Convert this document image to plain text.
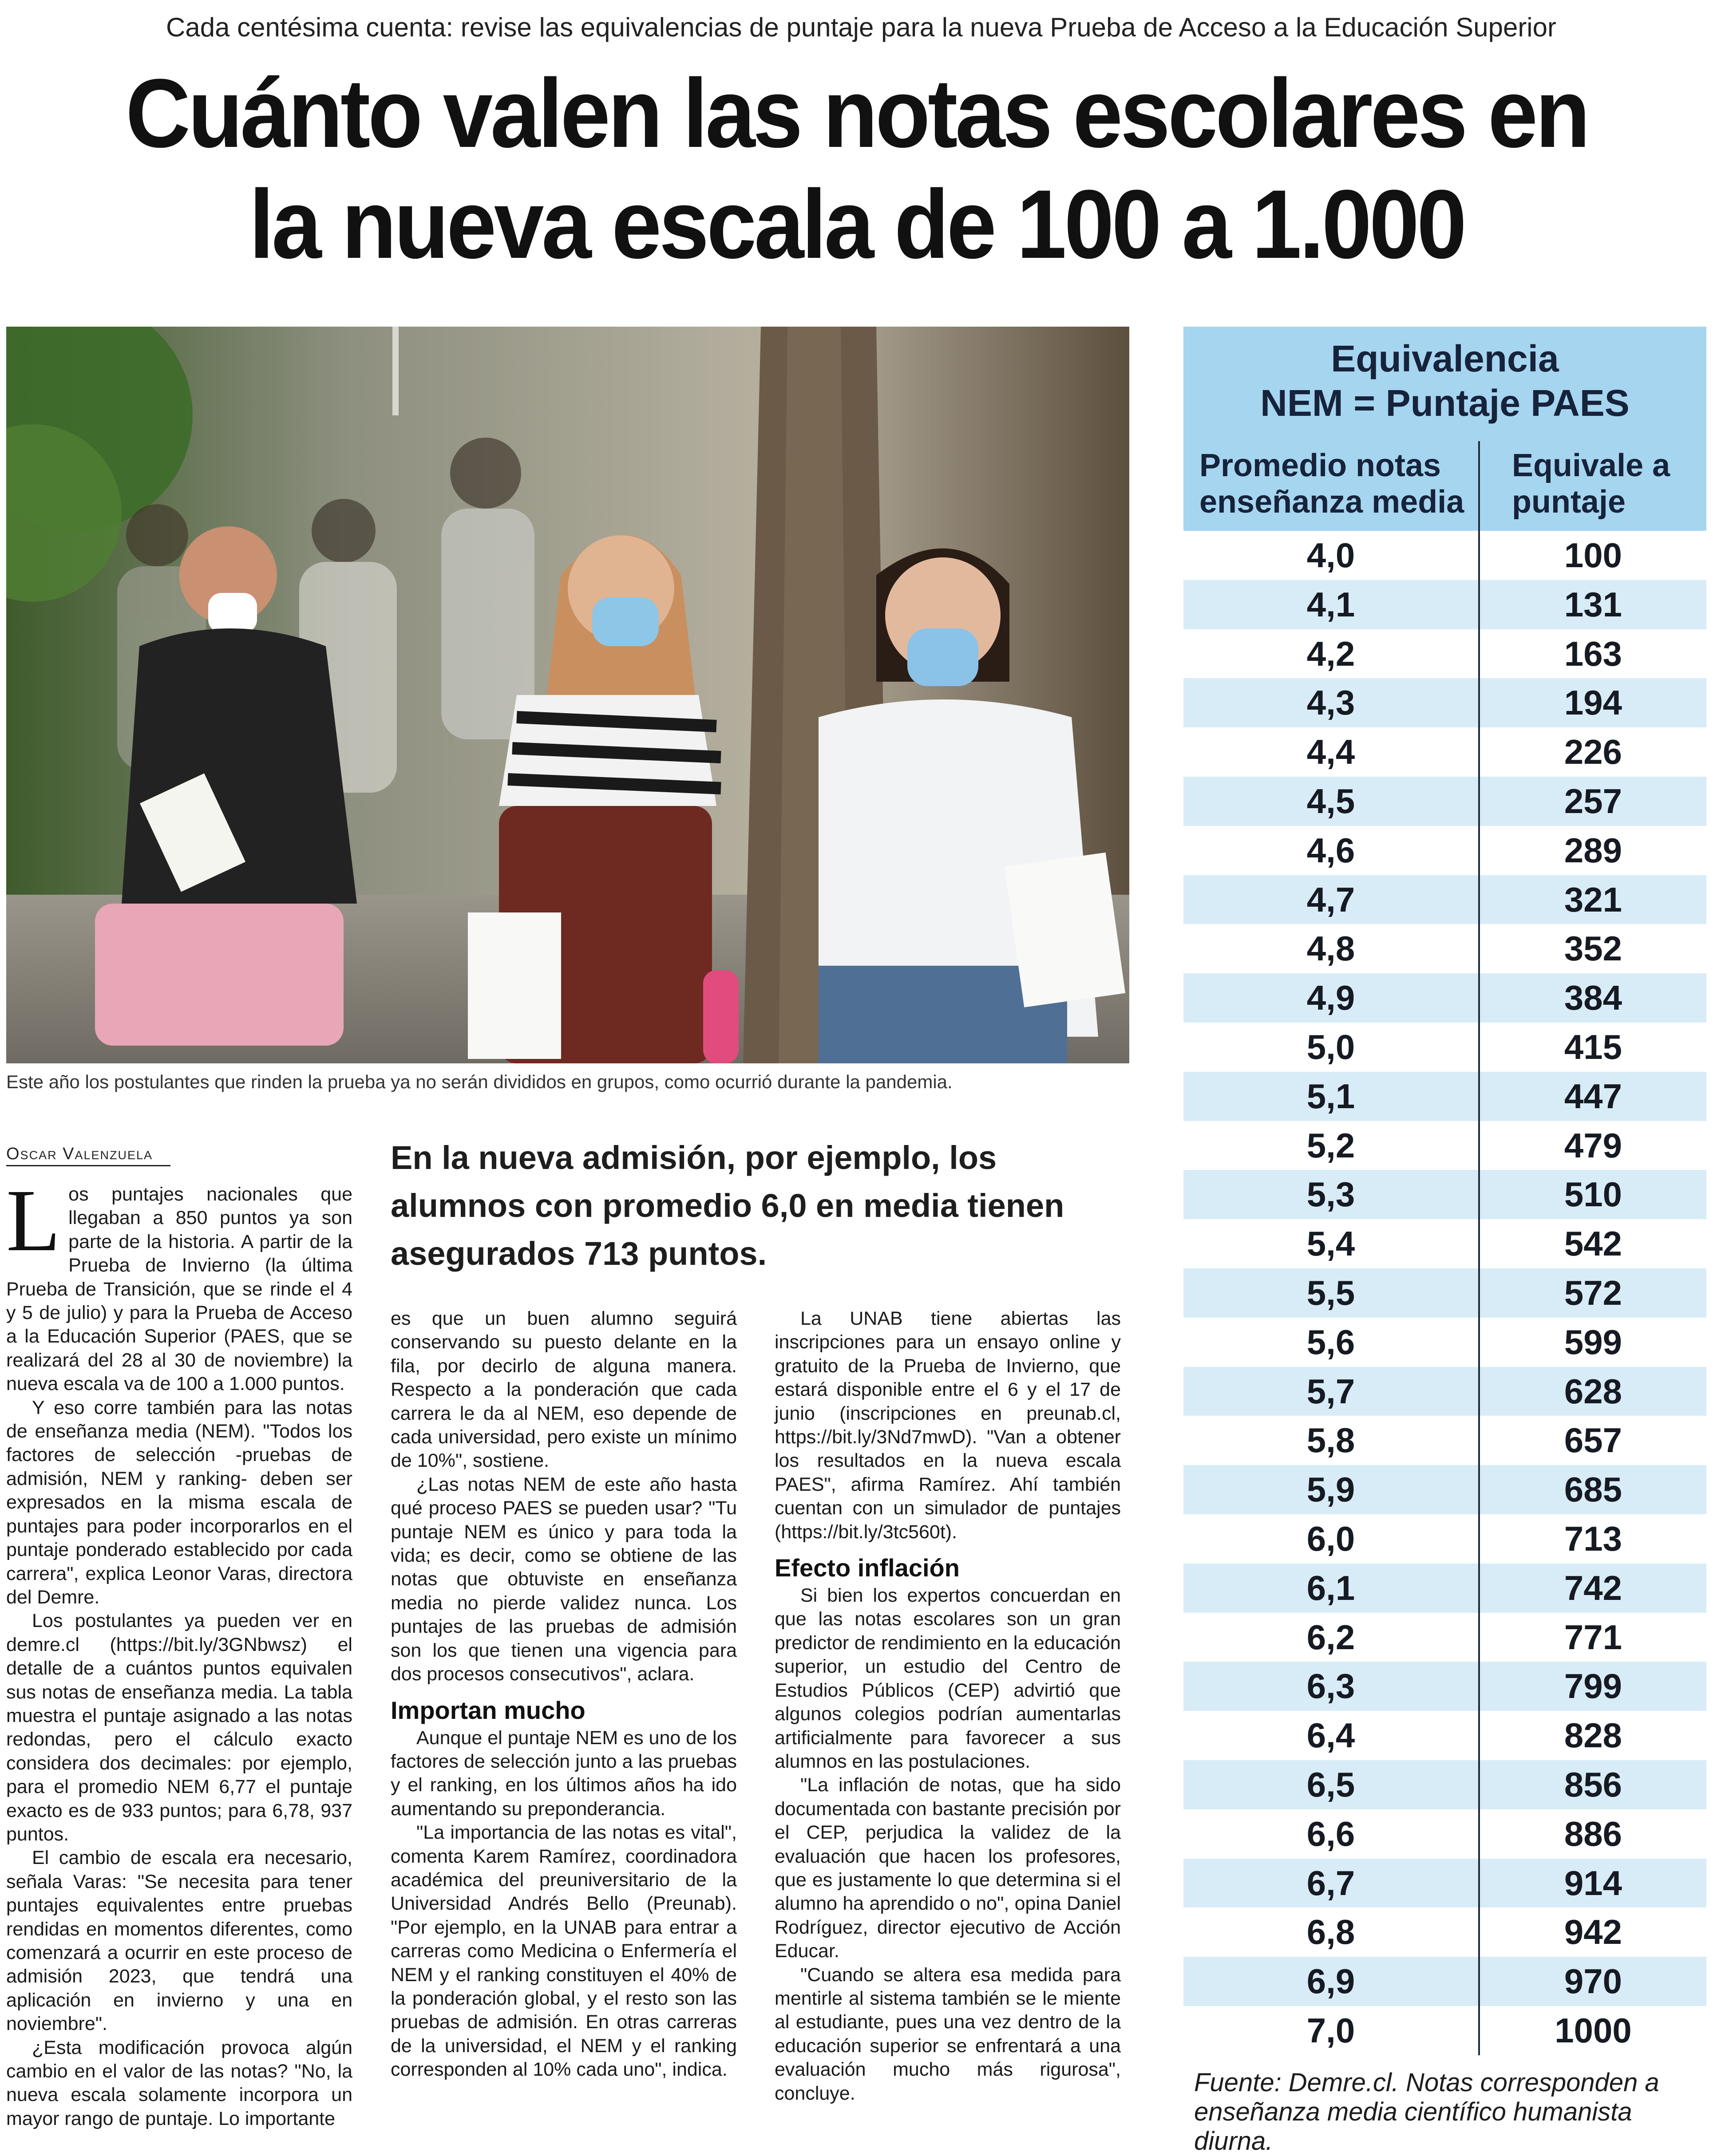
Cada centésima cuenta: revise las equivalencias de puntaje para la nueva Prueba de Acceso a la Educación Superior
Cuánto valen las notas escolares en
la nueva escala de 100 a 1.000
Este año los postulantes que rinden la prueba ya no serán divididos en grupos, como ocurrió durante la pandemia.
Oscar Valenzuela	En la nueva admisión, por ejemplo, los alumnos con promedio 6,0 en media tienen asegurados 713 puntos.

Los puntajes nacionales que llegaban a 850 puntos ya son parte de la historia. A partir de la Prueba de Invierno (la última Prueba de Transición, que se rinde el 4 y 5 de julio) y para la Prueba de Acceso a la Educación Superior (PAES, que se realizará del 28 al 30 de noviembre) la nueva escala va de 100 a 1.000 puntos.

Y eso corre también para las notas de enseñanza media (NEM). "Todos los factores de selección -pruebas de admisión, NEM y ranking- deben ser expresados en la misma escala de puntajes para poder incorporarlos en el puntaje ponderado establecido por cada carrera", explica Leonor Varas, directora del Demre.

Los postulantes ya pueden ver en demre.cl (https://bit.ly/3GNbwsz) el detalle de a cuántos puntos equivalen sus notas de enseñanza media. La tabla muestra el puntaje asignado a las notas redondas, pero el cálculo exacto considera dos decimales: por ejemplo, para el promedio NEM 6,77 el puntaje exacto es de 933 puntos; para 6,78, 937 puntos.

El cambio de escala era necesario, señala Varas: "Se necesita para tener puntajes equivalentes entre pruebas rendidas en momentos diferentes, como comenzará a ocurrir en este proceso de admisión 2023, que tendrá una aplicación en invierno y una en noviembre".

¿Esta modificación provoca algún cambio en el valor de las notas? "No, la nueva escala solamente incorpora un mayor rango de puntaje. Lo importante

es que un buen alumno seguirá conservando su puesto delante en la fila, por decirlo de alguna manera. Respecto a la ponderación que cada carrera le da al NEM, eso depende de cada universidad, pero existe un mínimo de 10%", sostiene.

¿Las notas NEM de este año hasta qué proceso PAES se pueden usar? "Tu puntaje NEM es único y para toda la vida; es decir, como se obtiene de las notas que obtuviste en enseñanza media no pierde validez nunca. Los puntajes de las pruebas de admisión son los que tienen una vigencia para dos procesos consecutivos", aclara.

Importan mucho

Aunque el puntaje NEM es uno de los factores de selección junto a las pruebas y el ranking, en los últimos años ha ido aumentando su preponderancia.

"La importancia de las notas es vital", comenta Karem Ramírez, coordinadora académica del preuniversitario de la Universidad Andrés Bello (Preunab). "Por ejemplo, en la UNAB para entrar a carreras como Medicina o Enfermería el NEM y el ranking constituyen el 40% de la ponderación global, y el resto son las pruebas de admisión. En otras carreras de la universidad, el NEM y el ranking corresponden al 10% cada uno", indica.

La UNAB tiene abiertas las inscripciones para un ensayo online y gratuito de la Prueba de Invierno, que estará disponible entre el 6 y el 17 de junio (inscripciones en preunab.cl, https://bit.ly/3Nd7mwD). "Van a obtener los resultados en la nueva escala PAES", afirma Ramírez. Ahí también cuentan con un simulador de puntajes (https://bit.ly/3tc560t).

Efecto inflación

Si bien los expertos concuerdan en que las notas escolares son un gran predictor de rendimiento en la educación superior, un estudio del Centro de Estudios Públicos (CEP) advirtió que algunos colegios podrían aumentarlas artificialmente para favorecer a sus alumnos en las postulaciones.

"La inflación de notas, que ha sido documentada con bastante precisión por el CEP, perjudica la validez de la evaluación que hacen los profesores, que es justamente lo que determina si el alumno ha aprendido o no", opina Daniel Rodríguez, director ejecutivo de Acción Educar.

"Cuando se altera esa medida para mentirle al sistema también se le miente al estudiante, pues una vez dentro de la educación superior se enfrentará a una evaluación mucho más rigurosa", concluye.

Equivalencia
NEM = Puntaje PAES
Promedio notas
enseñanza media
Equivale a
puntaje
4,0	100
4,1	131
4,2	163
4,3	194
4,4	226
4,5	257
4,6	289
4,7	321
4,8	352
4,9	384
5,0	415
5,1	447
5,2	479
5,3	510
5,4	542
5,5	572
5,6	599
5,7	628
5,8	657
5,9	685
6,0	713
6,1	742
6,2	771
6,3	799
6,4	828
6,5	856
6,6	886
6,7	914
6,8	942
6,9	970
7,0	1000
Fuente: Demre.cl. Notas corresponden a enseñanza media científico humanista diurna.
